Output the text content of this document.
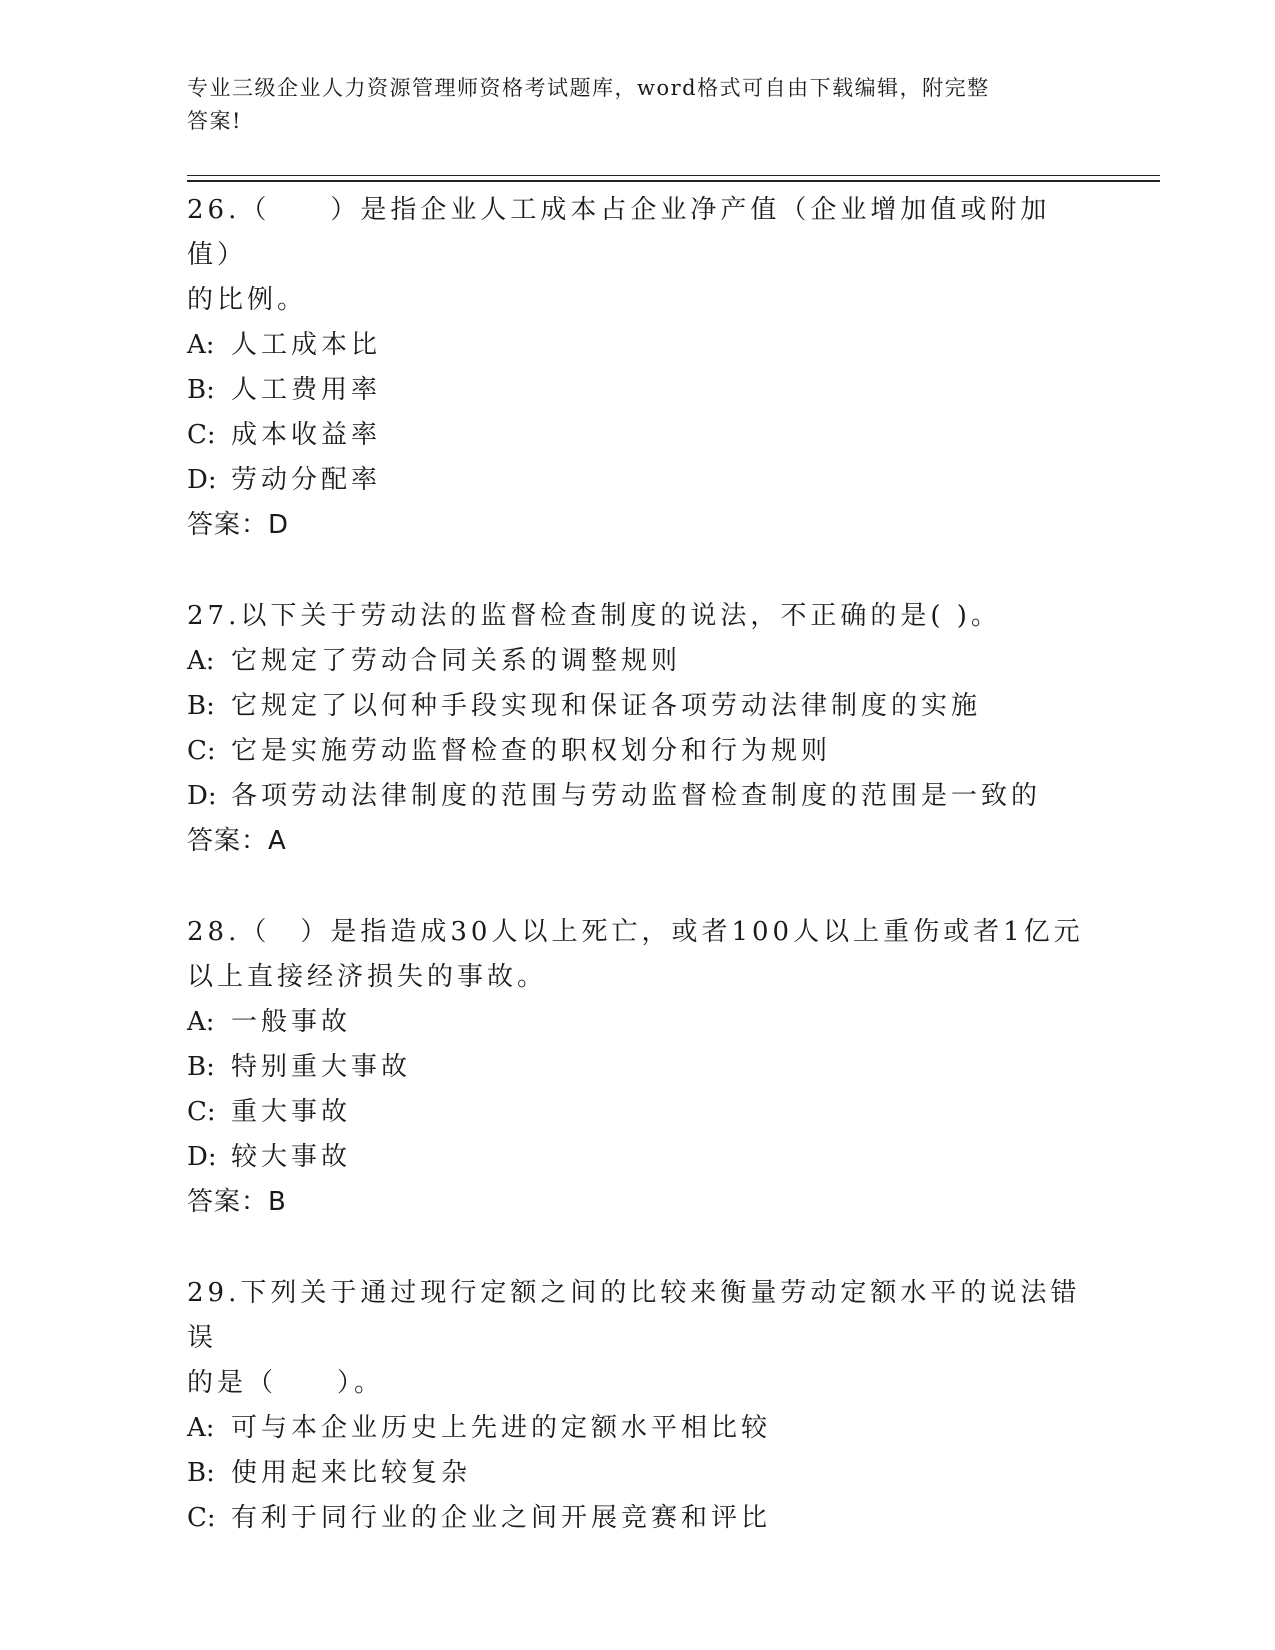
专业三级企业人力资源管理师资格考试题库，word格式可自由下载编辑，附完整
答案!
26.（　　）是指企业人工成本占企业净产值（企业增加值或附加值）
的比例。
A: 人工成本比
B: 人工费用率
C: 成本收益率
D: 劳动分配率
答案：D
27.以下关于劳动法的监督检查制度的说法，不正确的是( )。
A: 它规定了劳动合同关系的调整规则
B: 它规定了以何种手段实现和保证各项劳动法律制度的实施
C: 它是实施劳动监督检查的职权划分和行为规则
D: 各项劳动法律制度的范围与劳动监督检查制度的范围是一致的
答案：A
28.（　）是指造成30人以上死亡，或者100人以上重伤或者1亿元
以上直接经济损失的事故。
A: 一般事故
B: 特别重大事故
C: 重大事故
D: 较大事故
答案：B
29.下列关于通过现行定额之间的比较来衡量劳动定额水平的说法错误
的是（　　）。
A: 可与本企业历史上先进的定额水平相比较
B: 使用起来比较复杂
C: 有利于同行业的企业之间开展竞赛和评比
